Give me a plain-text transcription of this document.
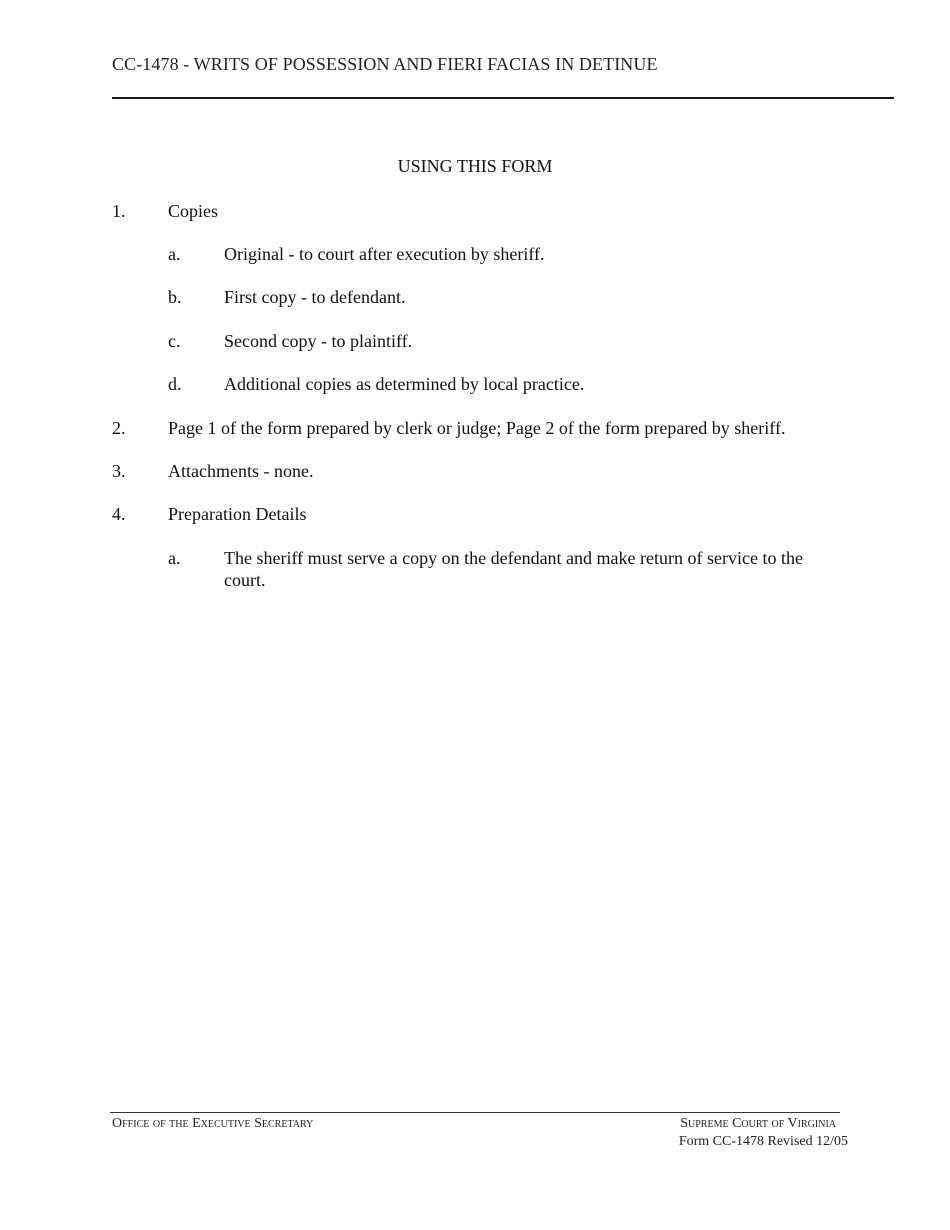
CC-1478 - WRITS OF POSSESSION AND FIERI FACIAS IN DETINUE
USING THIS FORM
1. Copies
a. Original - to court after execution by sheriff.
b. First copy - to defendant.
c. Second copy - to plaintiff.
d. Additional copies as determined by local practice.
2. Page 1 of the form prepared by clerk or judge; Page 2 of the form prepared by sheriff.
3. Attachments - none.
4. Preparation Details
a. The sheriff must serve a copy on the defendant and make return of service to the court.
Office of the Executive Secretary	Supreme Court of Virginia
Form CC-1478 Revised 12/05
